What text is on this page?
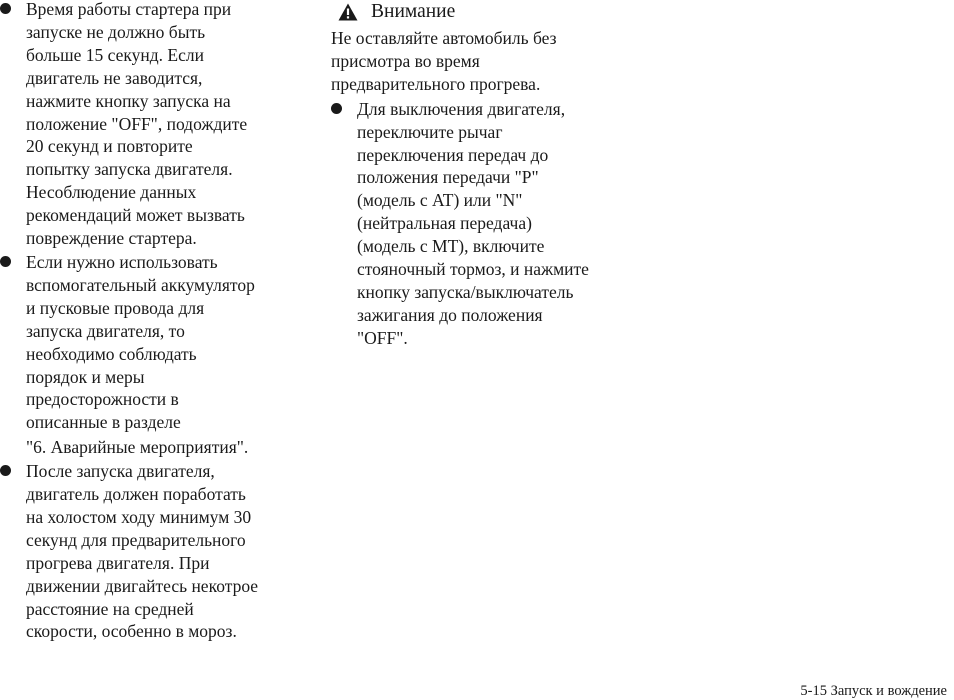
Время работы стартера при
запуске не должно быть
больше 15 секунд. Если
двигатель не заводится,
нажмите кнопку запуска на
положение "OFF", подождите
20 секунд и повторите
попытку запуска двигателя.
Несоблюдение данных
рекомендаций может вызвать
повреждение стартера.
Если нужно использовать
вспомогательный аккумулятор
и пусковые провода для
запуска двигателя, то
необходимо соблюдать
порядок и меры
предосторожности в
описанные в разделе
"6. Аварийные мероприятия".
После запуска двигателя,
двигатель должен поработать
на холостом ходу минимум 30
секунд для предварительного
прогрева двигателя. При
движении двигайтесь некотрое
расстояние на средней
скорости, особенно в мороз.
Внимание
Не оставляйте автомобиль без
присмотра во время
предварительного прогрева.
Для выключения двигателя,
переключите рычаг
переключения передач до
положения передачи "P"
(модель с AT) или "N"
(нейтральная передача)
(модель с MT), включите
стояночный тормоз, и нажмите
кнопку запуска/выключатель
зажигания до положения
"OFF".
5-15 Запуск и вождение
